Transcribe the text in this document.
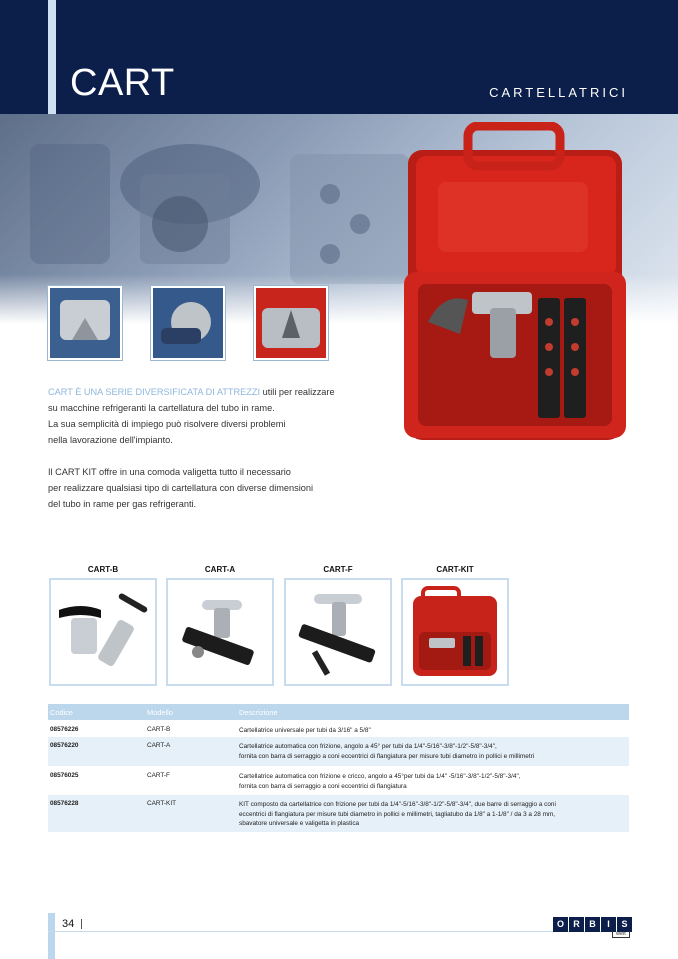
CART	CARTELLATRICI

CART È UNA SERIE DIVERSIFICATA DI ATTREZZI utili per realizzare
su macchine refrigeranti la cartellatura del tubo in rame.
La sua semplicità di impiego può risolvere diversi problemi
nella lavorazione dell'impianto.

Il CART KIT offre in una comoda valigetta tutto il necessario
per realizzare qualsiasi tipo di cartellatura con diverse dimensioni
del tubo in rame per gas refrigeranti.

CART-B	CART-A	CART-F	CART-KIT
Codice	Modello	Descrizione
08576226	CART-B	Cartellatrice universale per tubi da 3/16" a 5/8"
08576220	CART-A	Cartellatrice automatica con frizione, angolo a 45° per tubi da 1/4"-5/16"-3/8"-1/2"-5/8"-3/4",
fornita con barra di serraggio a coni eccentrici di flangiatura per misure tubi diametro in pollici e millimetri
08576025	CART-F	Cartellatrice automatica con frizione e cricco, angolo a 45°per tubi da 1/4" -5/16"-3/8"-1/2"-5/8"-3/4",
fornita con barra di serraggio a coni eccentrici di flangiatura
08576228	CART-KIT	KIT composto da cartellatrice con frizione per tubi da 1/4"-5/16"-3/8"-1/2"-5/8"-3/4", due barre di serraggio a coni
eccentrici di flangiatura per misure tubi diametro in pollici e millimetri, tagliatubo da 1/8" a 1-1/8" / da 3 a 28 mm,
sbavatore universale e valigetta in plastica
34	O	R	B	I	S
weit
